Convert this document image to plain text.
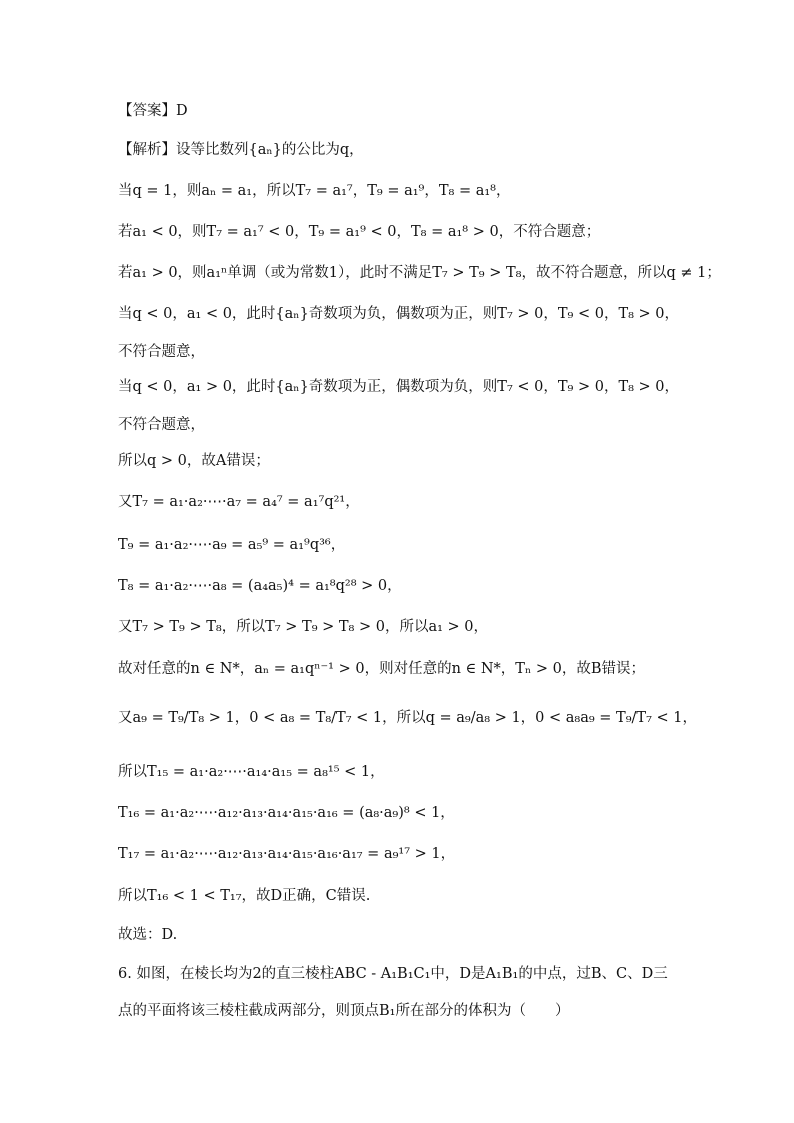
【答案】D
【解析】设等比数列{aₙ}的公比为q，
当q = 1，则aₙ = a₁，所以T₇ = a₁⁷，T₉ = a₁⁹，T₈ = a₁⁸，
若a₁ < 0，则T₇ = a₁⁷ < 0，T₉ = a₁⁹ < 0，T₈ = a₁⁸ > 0，不符合题意；
若a₁ > 0，则a₁ⁿ单调（或为常数1），此时不满足T₇ > T₉ > T₈，故不符合题意，所以q ≠ 1；
当q < 0，a₁ < 0，此时{aₙ}奇数项为负，偶数项为正，则T₇ > 0，T₉ < 0，T₈ > 0，
不符合题意，
当q < 0，a₁ > 0，此时{aₙ}奇数项为正，偶数项为负，则T₇ < 0，T₉ > 0，T₈ > 0，
不符合题意，
所以q > 0，故A错误；
又T₇ = a₁·a₂·⋯·a₇ = a₄⁷ = a₁⁷q²¹，
T₉ = a₁·a₂·⋯·a₉ = a₅⁹ = a₁⁹q³⁶，
T₈ = a₁·a₂·⋯·a₈ = (a₄a₅)⁴ = a₁⁸q²⁸ > 0，
又T₇ > T₉ > T₈，所以T₇ > T₉ > T₈ > 0，所以a₁ > 0，
故对任意的n ∈ N*，aₙ = a₁qⁿ⁻¹ > 0，则对任意的n ∈ N*，Tₙ > 0，故B错误；
又a₉ = T₉/T₈ > 1，0 < a₈ = T₈/T₇ < 1，所以q = a₉/a₈ > 1，0 < a₈a₉ = T₉/T₇ < 1，
所以T₁₅ = a₁·a₂·⋯·a₁₄·a₁₅ = a₈¹⁵ < 1，
T₁₆ = a₁·a₂·⋯·a₁₂·a₁₃·a₁₄·a₁₅·a₁₆ = (a₈·a₉)⁸ < 1，
T₁₇ = a₁·a₂·⋯·a₁₂·a₁₃·a₁₄·a₁₅·a₁₆·a₁₇ = a₉¹⁷ > 1，
所以T₁₆ < 1 < T₁₇，故D正确，C错误.
故选：D.
6. 如图，在棱长均为2的直三棱柱ABC - A₁B₁C₁中，D是A₁B₁的中点，过B、C、D三
点的平面将该三棱柱截成两部分，则顶点B₁所在部分的体积为（　　）
